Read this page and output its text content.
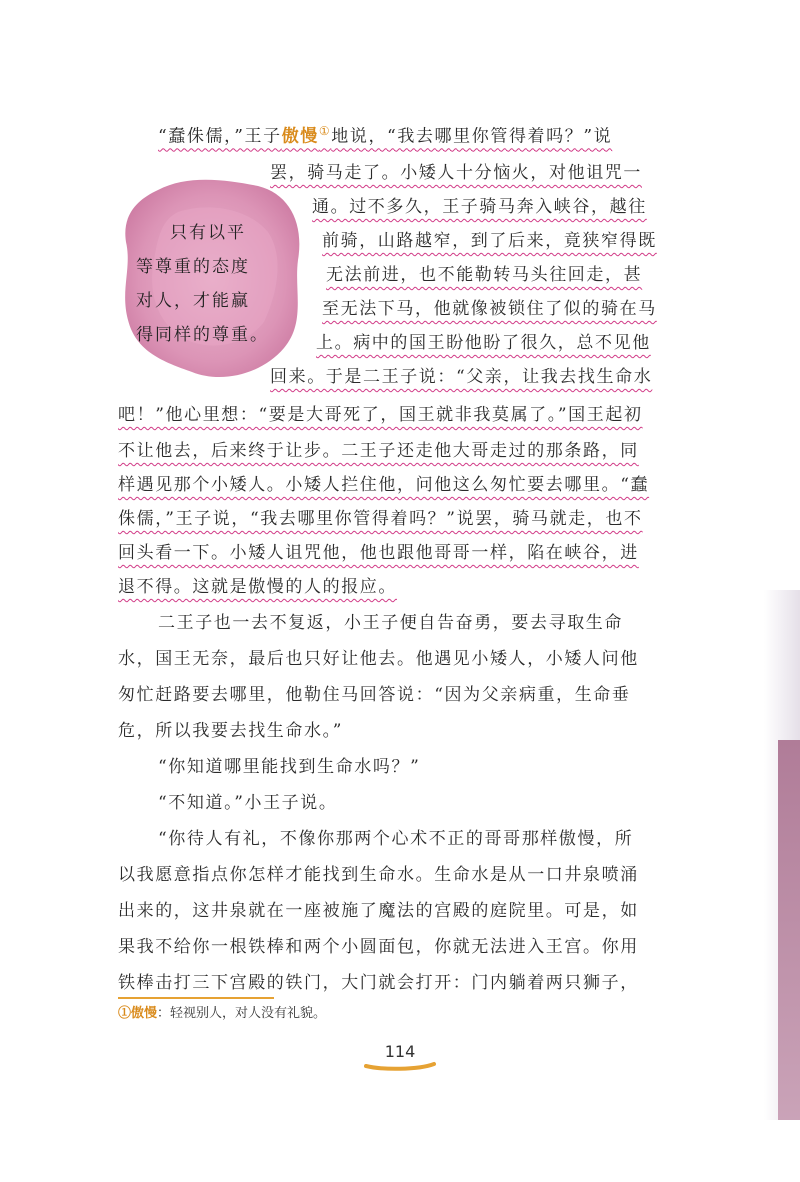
只有以平
等尊重的态度
对人，才能赢
得同样的尊重。
“蠢侏儒，”王子傲慢①地说，“我去哪里你管得着吗？”说
罢，骑马走了。小矮人十分恼火，对他诅咒一
通。过不多久，王子骑马奔入峡谷，越往
前骑，山路越窄，到了后来，竟狭窄得既
无法前进，也不能勒转马头往回走，甚
至无法下马，他就像被锁住了似的骑在马
上。病中的国王盼他盼了很久，总不见他
回来。于是二王子说：“父亲，让我去找生命水
吧！”他心里想：“要是大哥死了，国王就非我莫属了。”国王起初
不让他去，后来终于让步。二王子还走他大哥走过的那条路，同
样遇见那个小矮人。小矮人拦住他，问他这么匆忙要去哪里。“蠢
侏儒，”王子说，“我去哪里你管得着吗？”说罢，骑马就走，也不
回头看一下。小矮人诅咒他，他也跟他哥哥一样，陷在峡谷，进
退不得。这就是傲慢的人的报应。
二王子也一去不复返，小王子便自告奋勇，要去寻取生命
水，国王无奈，最后也只好让他去。他遇见小矮人，小矮人问他
匆忙赶路要去哪里，他勒住马回答说：“因为父亲病重，生命垂
危，所以我要去找生命水。”
“你知道哪里能找到生命水吗？”
“不知道。”小王子说。
“你待人有礼，不像你那两个心术不正的哥哥那样傲慢，所
以我愿意指点你怎样才能找到生命水。生命水是从一口井泉喷涌
出来的，这井泉就在一座被施了魔法的宫殿的庭院里。可是，如
果我不给你一根铁棒和两个小圆面包，你就无法进入王宫。你用
铁棒击打三下宫殿的铁门，大门就会打开：门内躺着两只狮子，
①傲慢：轻视别人，对人没有礼貌。
114
